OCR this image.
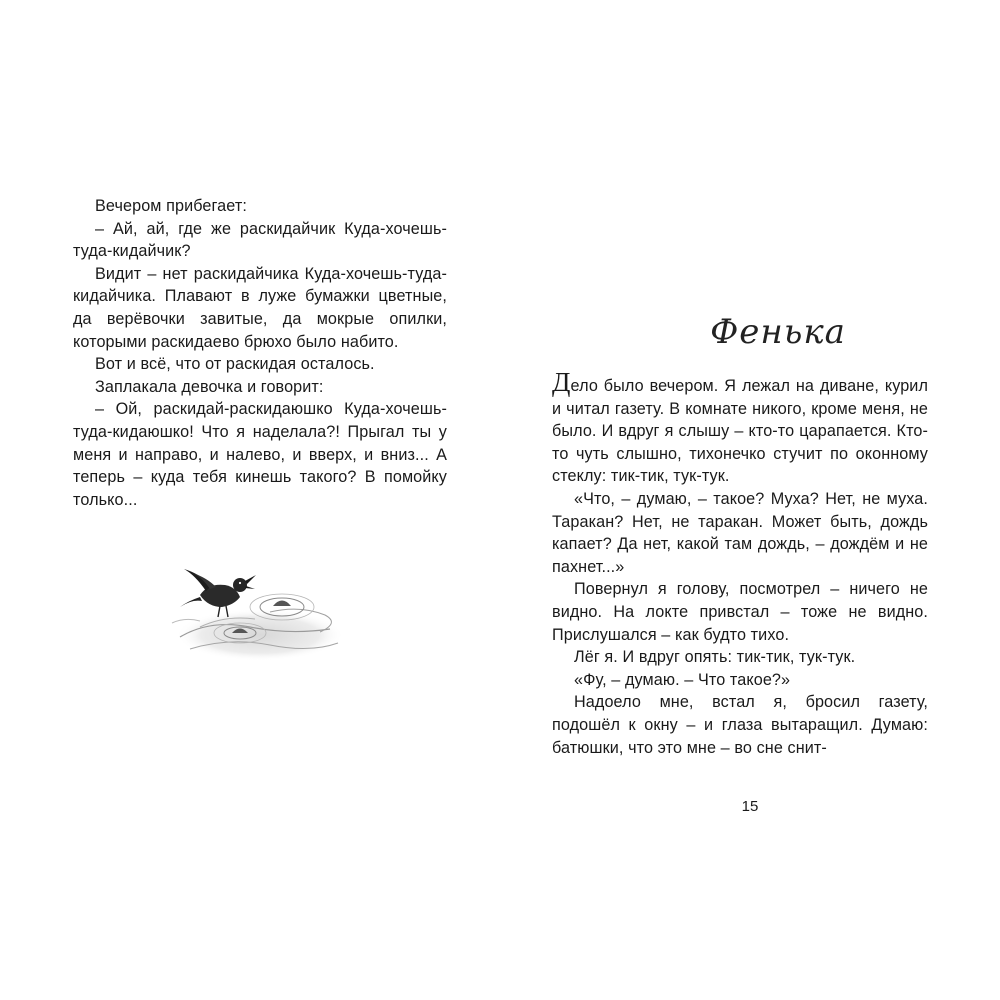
Вечером прибегает:

– Ай, ай, где же раскидайчик Куда-хочешь-туда-кидайчик?

Видит – нет раскидайчика Куда-хочешь-туда-кидайчика. Плавают в луже бумажки цветные, да верёвочки завитые, да мокрые опилки, которыми раскидаево брюхо было набито.

Вот и всё, что от раскидая осталось.

Заплакала девочка и говорит:

– Ой, раскидай-раскидаюшко Куда-хочешь-туда-кидаюшко! Что я наделала?! Прыгал ты у меня и направо, и налево, и вверх, и вниз... А теперь – куда тебя кинешь такого? В помойку только...

Фенька

Дело было вечером. Я лежал на диване, курил и читал газету. В комнате никого, кроме меня, не было. И вдруг я слышу – кто-то царапается. Кто-то чуть слышно, тихонечко стучит по оконному стеклу: тик-тик, тук-тук.

«Что, – думаю, – такое? Муха? Нет, не муха. Таракан? Нет, не таракан. Может быть, дождь капает? Да нет, какой там дождь, – дождём и не пахнет...»

Повернул я голову, посмотрел – ничего не видно. На локте привстал – тоже не видно. Прислушался – как будто тихо.

Лёг я. И вдруг опять: тик-тик, тук-тук.

«Фу, – думаю. – Что такое?»

Надоело мне, встал я, бросил газету, подошёл к окну – и глаза вытаращил. Думаю: батюшки, что это мне – во сне снит-

15
